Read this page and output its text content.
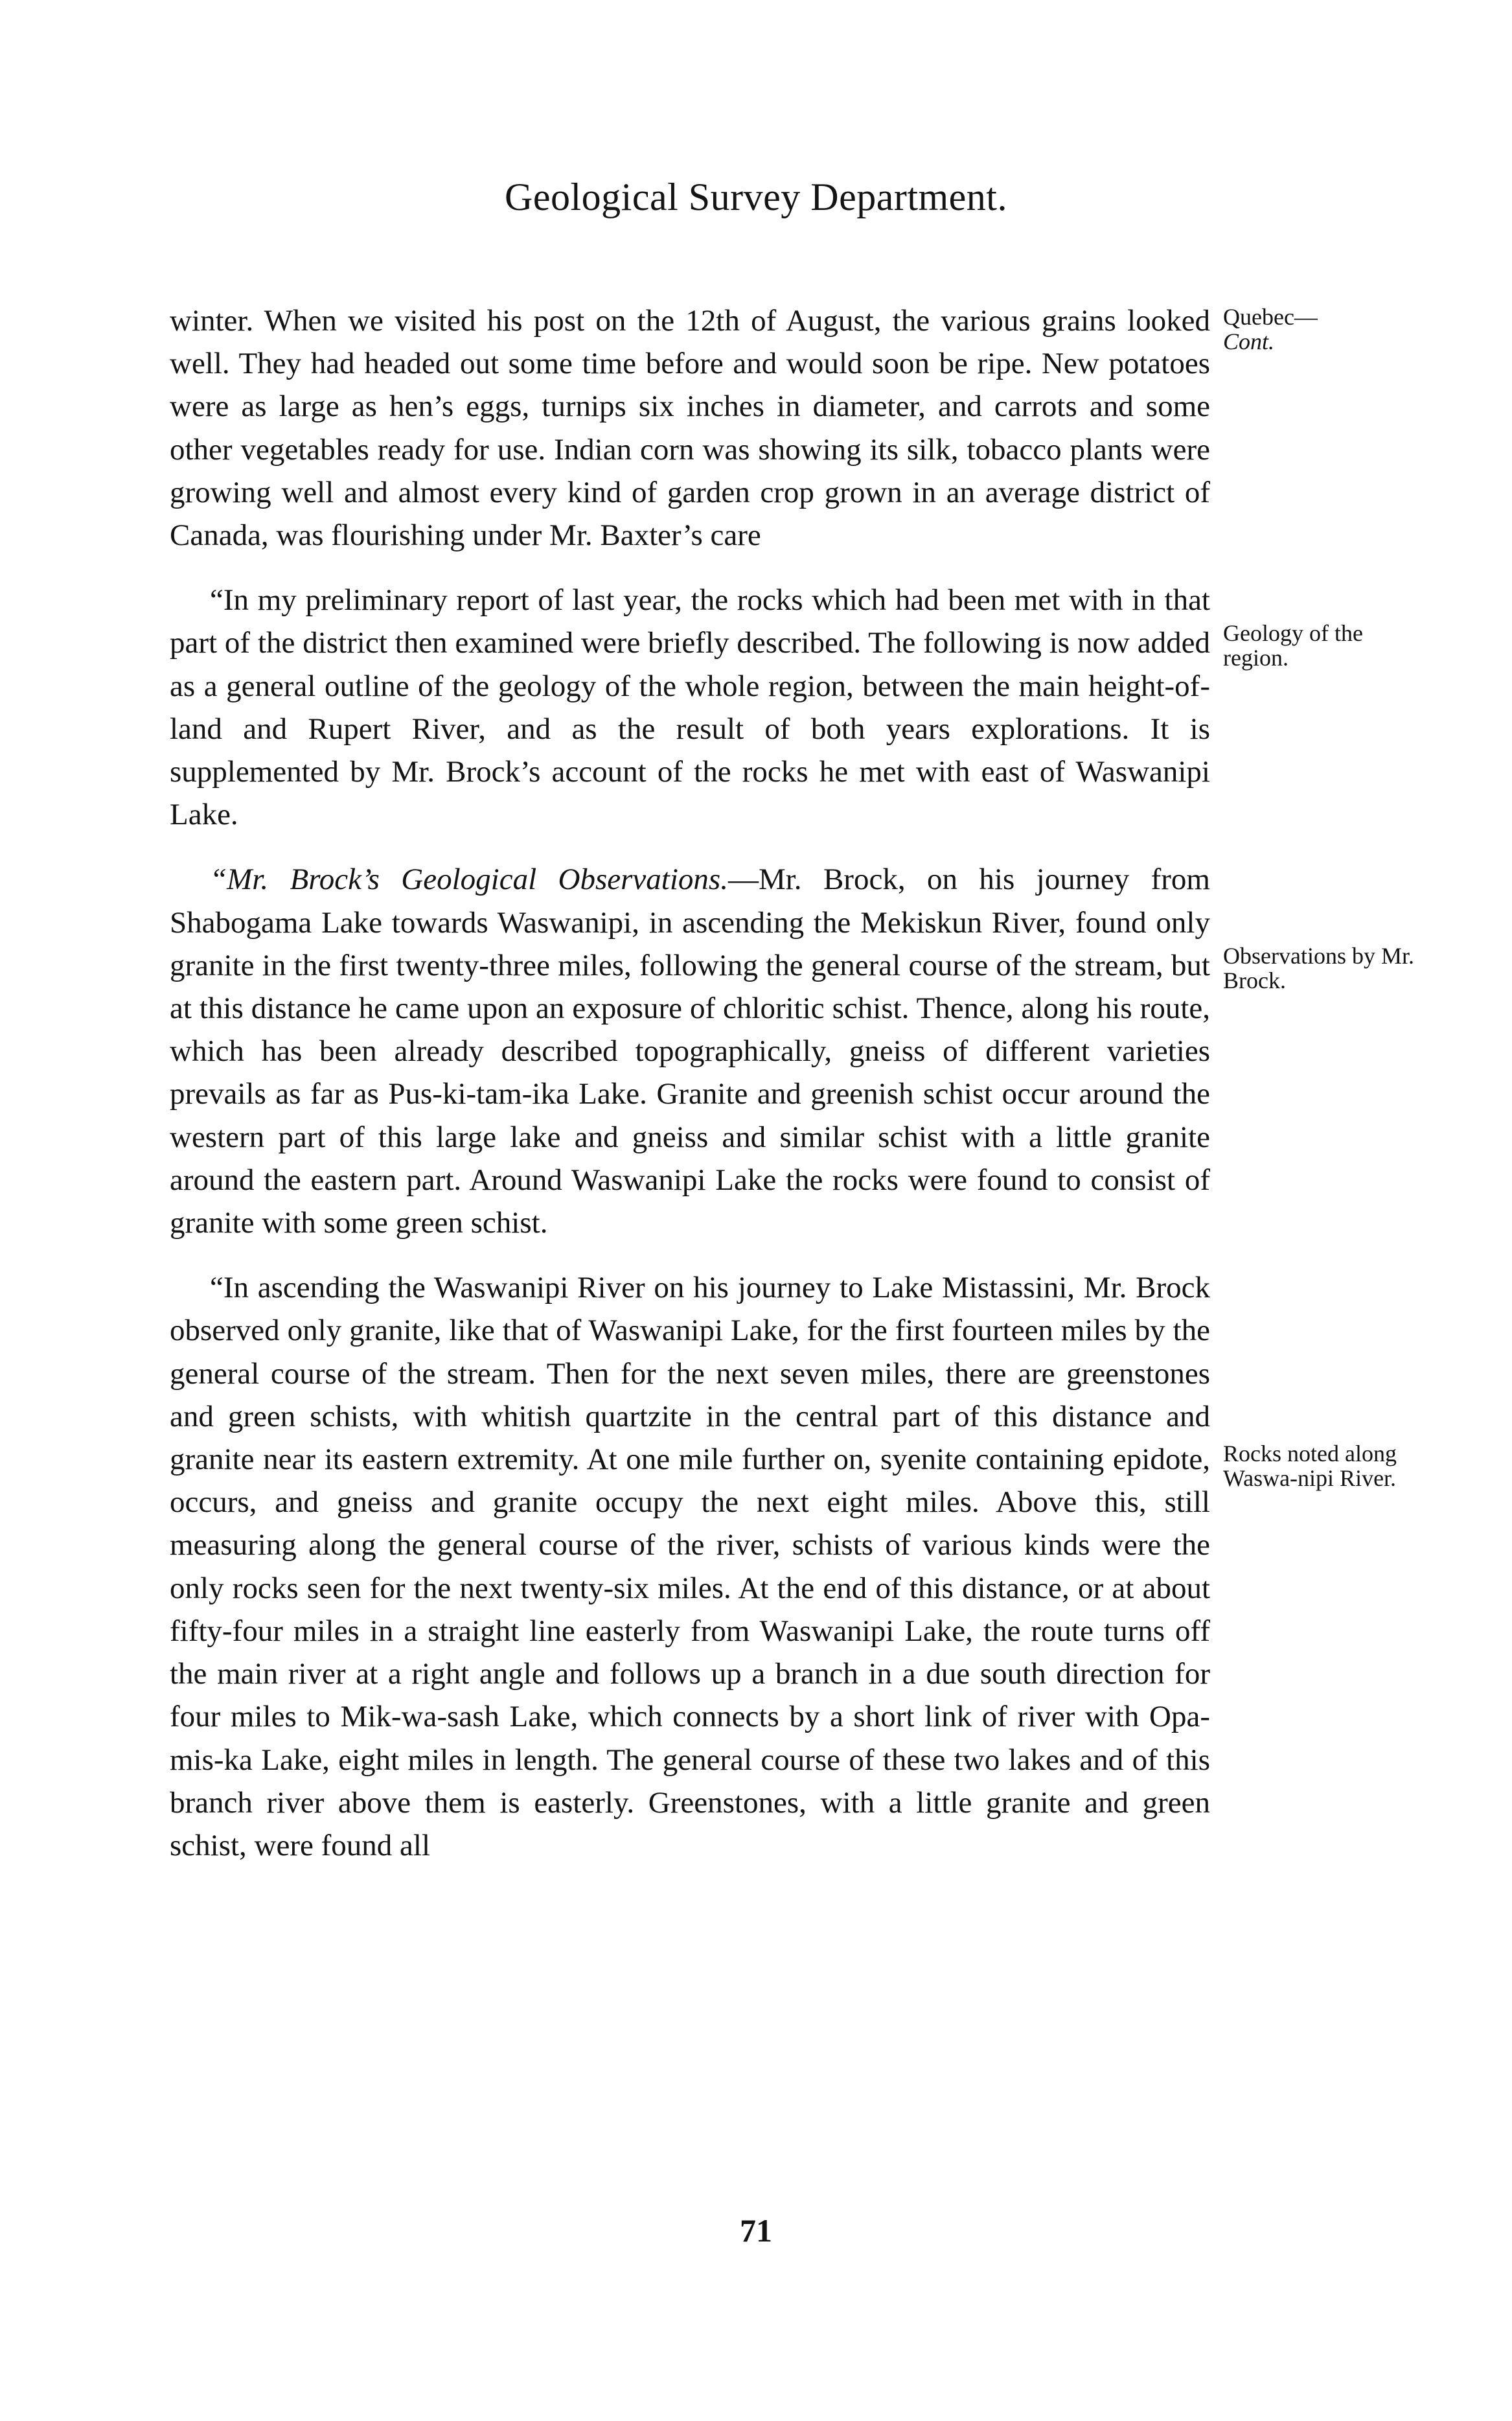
Geological Survey Department.
Quebec—
Cont.
Geology of the region.
Observations by Mr. Brock.
Rocks noted along Waswa-nipi River.

winter. When we visited his post on the 12th of August, the various grains looked well. They had headed out some time before and would soon be ripe. New potatoes were as large as hen’s eggs, turnips six inches in diameter, and carrots and some other vegetables ready for use. Indian corn was showing its silk, tobacco plants were growing well and almost every kind of garden crop grown in an average district of Canada, was flourishing under Mr. Baxter’s care

“In my preliminary report of last year, the rocks which had been met with in that part of the district then examined were briefly described. The following is now added as a general outline of the geology of the whole region, between the main height-of-land and Rupert River, and as the result of both years explorations. It is supplemented by Mr. Brock’s account of the rocks he met with east of Waswanipi Lake.

“Mr. Brock’s Geological Observations.—Mr. Brock, on his journey from Shabogama Lake towards Waswanipi, in ascending the Mekiskun River, found only granite in the first twenty-three miles, following the general course of the stream, but at this distance he came upon an exposure of chloritic schist. Thence, along his route, which has been already described topographically, gneiss of different varieties prevails as far as Pus-ki-tam-ika Lake. Granite and greenish schist occur around the western part of this large lake and gneiss and similar schist with a little granite around the eastern part. Around Waswanipi Lake the rocks were found to consist of granite with some green schist.

“In ascending the Waswanipi River on his journey to Lake Mistassini, Mr. Brock observed only granite, like that of Waswanipi Lake, for the first fourteen miles by the general course of the stream. Then for the next seven miles, there are greenstones and green schists, with whitish quartzite in the central part of this distance and granite near its eastern extremity. At one mile further on, syenite containing epidote, occurs, and gneiss and granite occupy the next eight miles. Above this, still measuring along the general course of the river, schists of various kinds were the only rocks seen for the next twenty-six miles. At the end of this distance, or at about fifty-four miles in a straight line easterly from Waswanipi Lake, the route turns off the main river at a right angle and follows up a branch in a due south direction for four miles to Mik-wa-sash Lake, which connects by a short link of river with Opa-mis-ka Lake, eight miles in length. The general course of these two lakes and of this branch river above them is easterly. Greenstones, with a little granite and green schist, were found all

71
